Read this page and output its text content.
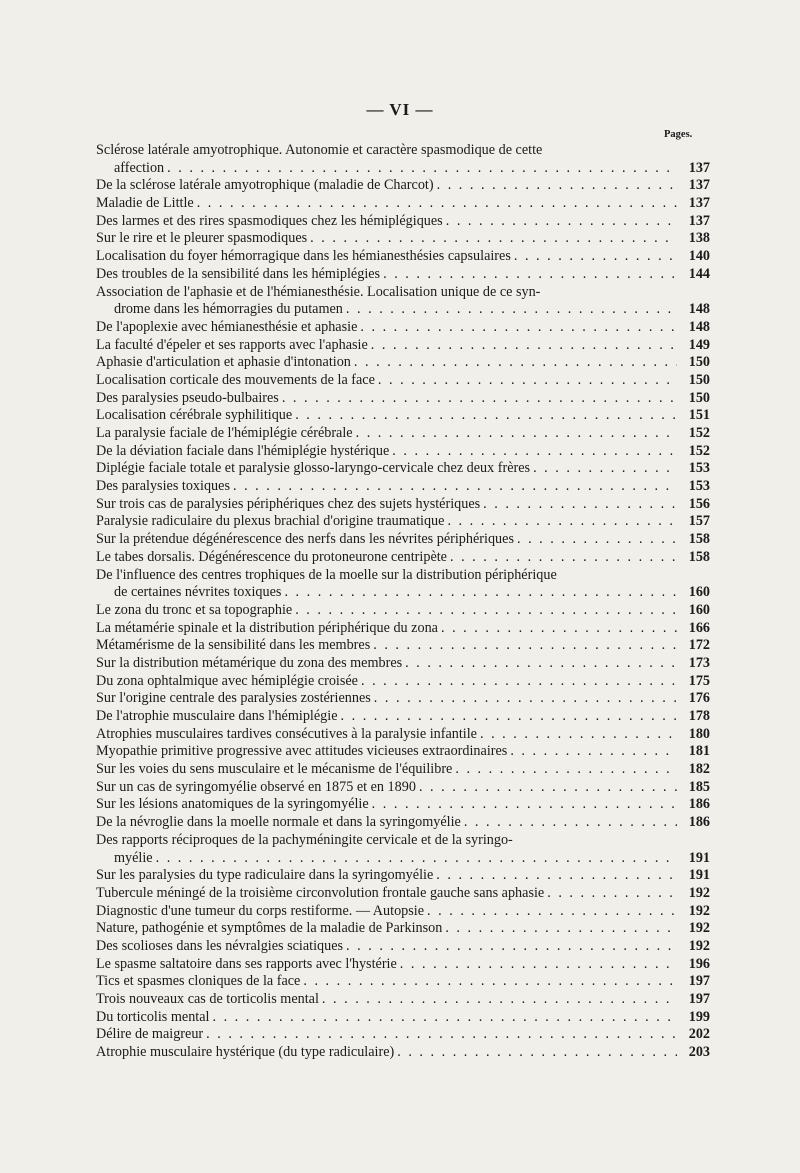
— VI —
Pages.
Sclérose latérale amyotrophique. Autonomie et caractère spasmodique de cette
affection . . .	137
De la sclérose latérale amyotrophique (maladie de Charcot) . . .	137
Maladie de Little . . .	137
Des larmes et des rires spasmodiques chez les hémiplégiques . . .	137
Sur le rire et le pleurer spasmodiques . . .	138
Localisation du foyer hémorragique dans les hémianesthésies capsulaires . . .	140
Des troubles de la sensibilité dans les hémiplégies . . .	144
Association de l'aphasie et de l'hémianesthésie. Localisation unique de ce syn-
drome dans les hémorragies du putamen . . .	148
De l'apoplexie avec hémianesthésie et aphasie . . .	148
La faculté d'épeler et ses rapports avec l'aphasie . . .	149
Aphasie d'articulation et aphasie d'intonation . . .	150
Localisation corticale des mouvements de la face . . .	150
Des paralysies pseudo-bulbaires . . .	150
Localisation cérébrale syphilitique . . .	151
La paralysie faciale de l'hémiplégie cérébrale . . .	152
De la déviation faciale dans l'hémiplégie hystérique . . .	152
Diplégie faciale totale et paralysie glosso-laryngo-cervicale chez deux frères . . .	153
Des paralysies toxiques . . .	153
Sur trois cas de paralysies périphériques chez des sujets hystériques . . .	156
Paralysie radiculaire du plexus brachial d'origine traumatique . . .	157
Sur la prétendue dégénérescence des nerfs dans les névrites périphériques . . .	158
Le tabes dorsalis. Dégénérescence du protoneurone centripète . . .	158
De l'influence des centres trophiques de la moelle sur la distribution périphérique
de certaines névrites toxiques . . .	160
Le zona du tronc et sa topographie . . .	160
La métamérie spinale et la distribution périphérique du zona . . .	166
Métamérisme de la sensibilité dans les membres . . .	172
Sur la distribution métamérique du zona des membres . . .	173
Du zona ophtalmique avec hémiplégie croisée . . .	175
Sur l'origine centrale des paralysies zostériennes . . .	176
De l'atrophie musculaire dans l'hémiplégie . . .	178
Atrophies musculaires tardives consécutives à la paralysie infantile . . .	180
Myopathie primitive progressive avec attitudes vicieuses extraordinaires . . .	181
Sur les voies du sens musculaire et le mécanisme de l'équilibre . . .	182
Sur un cas de syringomyélie observé en 1875 et en 1890 . . .	185
Sur les lésions anatomiques de la syringomyélie . . .	186
De la névroglie dans la moelle normale et dans la syringomyélie . . .	186
Des rapports réciproques de la pachyméningite cervicale et de la syringo-
myélie . . .	191
Sur les paralysies du type radiculaire dans la syringomyélie . . .	191
Tubercule méningé de la troisième circonvolution frontale gauche sans aphasie . . .	192
Diagnostic d'une tumeur du corps restiforme. — Autopsie . . .	192
Nature, pathogénie et symptômes de la maladie de Parkinson . . .	192
Des scolioses dans les névralgies sciatiques . . .	192
Le spasme saltatoire dans ses rapports avec l'hystérie . . .	196
Tics et spasmes cloniques de la face . . .	197
Trois nouveaux cas de torticolis mental . . .	197
Du torticolis mental . . .	199
Délire de maigreur . . .	202
Atrophie musculaire hystérique (du type radiculaire) . . .	203
